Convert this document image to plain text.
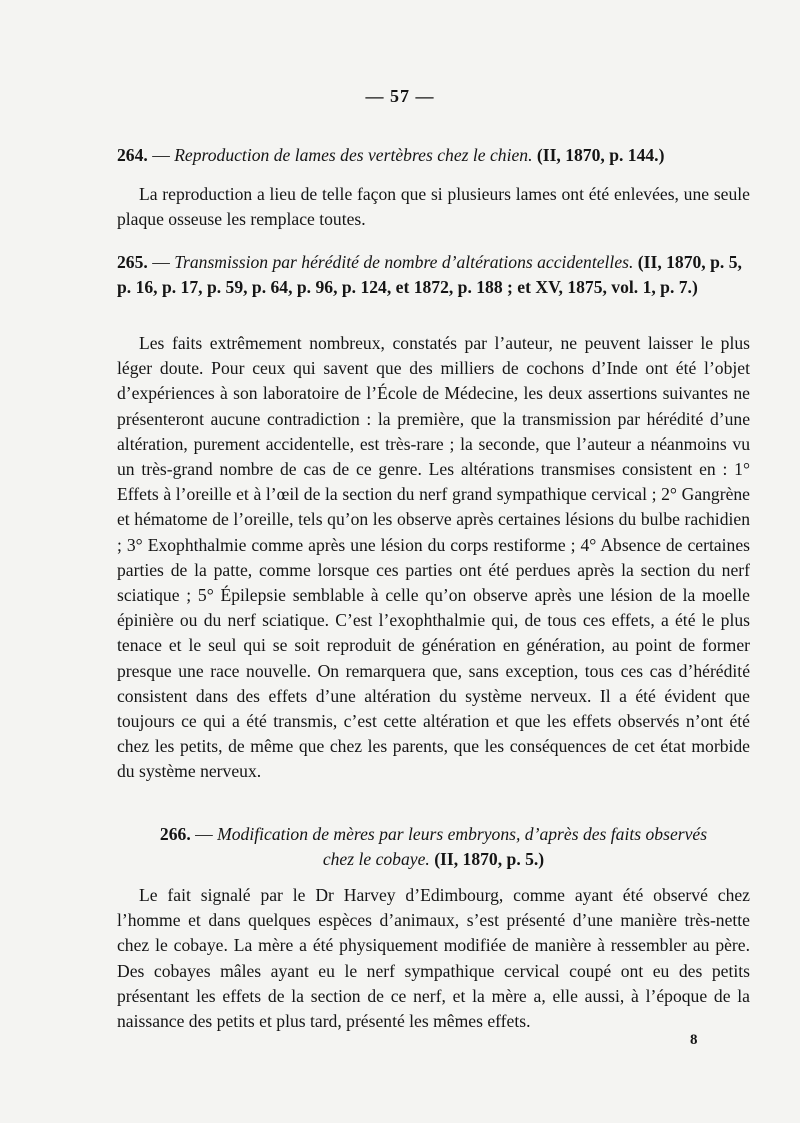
— 57 —
264. — Reproduction de lames des vertèbres chez le chien. (II, 1870, p. 144.)
La reproduction a lieu de telle façon que si plusieurs lames ont été enlevées, une seule plaque osseuse les remplace toutes.
265. — Transmission par hérédité de nombre d’altérations accidentelles. (II, 1870, p. 5, p. 16, p. 17, p. 59, p. 64, p. 96, p. 124, et 1872, p. 188 ; et XV, 1875, vol. 1, p. 7.)
Les faits extrêmement nombreux, constatés par l’auteur, ne peuvent laisser le plus léger doute. Pour ceux qui savent que des milliers de cochons d’Inde ont été l’objet d’expériences à son laboratoire de l’École de Médecine, les deux assertions suivantes ne présenteront aucune contradiction : la première, que la transmission par hérédité d’une altération, purement accidentelle, est très-rare ; la seconde, que l’auteur a néanmoins vu un très-grand nombre de cas de ce genre. Les altérations transmises consistent en : 1° Effets à l’oreille et à l’œil de la section du nerf grand sympathique cervical ; 2° Gangrène et hématome de l’oreille, tels qu’on les observe après certaines lésions du bulbe rachidien ; 3° Exophthalmie comme après une lésion du corps restiforme ; 4° Absence de certaines parties de la patte, comme lorsque ces parties ont été perdues après la section du nerf sciatique ; 5° Épilepsie semblable à celle qu’on observe après une lésion de la moelle épinière ou du nerf sciatique. C’est l’exophthalmie qui, de tous ces effets, a été le plus tenace et le seul qui se soit reproduit de génération en génération, au point de former presque une race nouvelle. On remarquera que, sans exception, tous ces cas d’hérédité consistent dans des effets d’une altération du système nerveux. Il a été évident que toujours ce qui a été transmis, c’est cette altération et que les effets observés n’ont été chez les petits, de même que chez les parents, que les conséquences de cet état morbide du système nerveux.
266. — Modification de mères par leurs embryons, d’après des faits observés
chez le cobaye. (II, 1870, p. 5.)
Le fait signalé par le Dr Harvey d’Edimbourg, comme ayant été observé chez l’homme et dans quelques espèces d’animaux, s’est présenté d’une manière très-nette chez le cobaye. La mère a été physiquement modifiée de manière à ressembler au père. Des cobayes mâles ayant eu le nerf sympathique cervical coupé ont eu des petits présentant les effets de la section de ce nerf, et la mère a, elle aussi, à l’époque de la naissance des petits et plus tard, présenté les mêmes effets.
8
